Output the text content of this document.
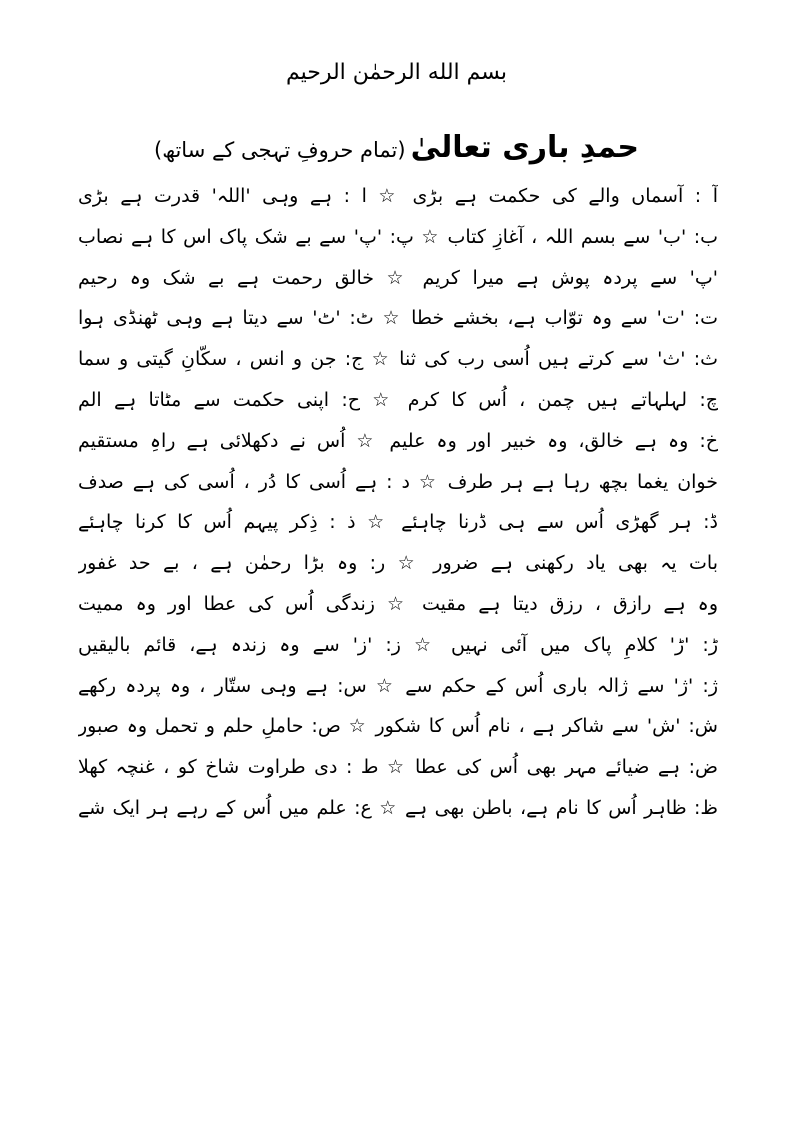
بسم الله الرحمٰن الرحیم
حمدِ باری تعالیٰ (تمام حروفِ تہجی کے ساتھ)
آ : آسماں والے کی حکمت ہے بڑی ☆ ا : ہے وہی 'اللہ' قدرت ہے بڑی
ب: 'ب' سے بسم اللہ ، آغازِ کتاب ☆ پ: 'پ' سے بے شک پاک اس کا ہے نصاب
'پ' سے پردہ پوش ہے میرا کریم ☆ خالق رحمت ہے بے شک وہ رحیم
ت: 'ت' سے وہ توّاب ہے، بخشے خطا ☆ ٹ: 'ٹ' سے دیتا ہے وہی ٹھنڈی ہوا
ث: 'ث' سے کرتے ہیں اُسی رب کی ثنا ☆ ج: جن و انس ، سکّانِ گیتی و سما
چ: لہلہاتے ہیں چمن ، اُس کا کرم ☆ ح: اپنی حکمت سے مٹاتا ہے الم
خ: وہ ہے خالق، وہ خبیر اور وہ علیم ☆ اُس نے دکھلائی ہے راہِ مستقیم
خوان یغما بچھ رہا ہے ہر طرف ☆ د : ہے اُسی کا دُر ، اُسی کی ہے صدف
ڈ: ہر گھڑی اُس سے ہی ڈرنا چاہئے ☆ ذ : ذِکر پیہم اُس کا کرنا چاہئے
بات یہ بھی یاد رکھنی ہے ضرور ☆ ر: وہ بڑا رحمٰن ہے ، بے حد غفور
وہ ہے رازق ، رزق دیتا ہے مقیت ☆ زندگی اُس کی عطا اور وہ ممیت
ڑ: 'ڑ' کلامِ پاک میں آئی نہیں ☆ ز: 'ز' سے وہ زندہ ہے، قائم بالیقیں
ژ: 'ژ' سے ژالہ باری اُس کے حکم سے ☆ س: ہے وہی ستّار ، وہ پردہ رکھے
ش: 'ش' سے شاکر ہے ، نام اُس کا شکور ☆ ص: حاملِ حلم و تحمل وہ صبور
ض: ہے ضیائے مہر بھی اُس کی عطا ☆ ط : دی طراوت شاخ کو ، غنچہ کھلا
ظ: ظاہر اُس کا نام ہے، باطن بھی ہے ☆ ع: علم میں اُس کے رہے ہر ایک شے
